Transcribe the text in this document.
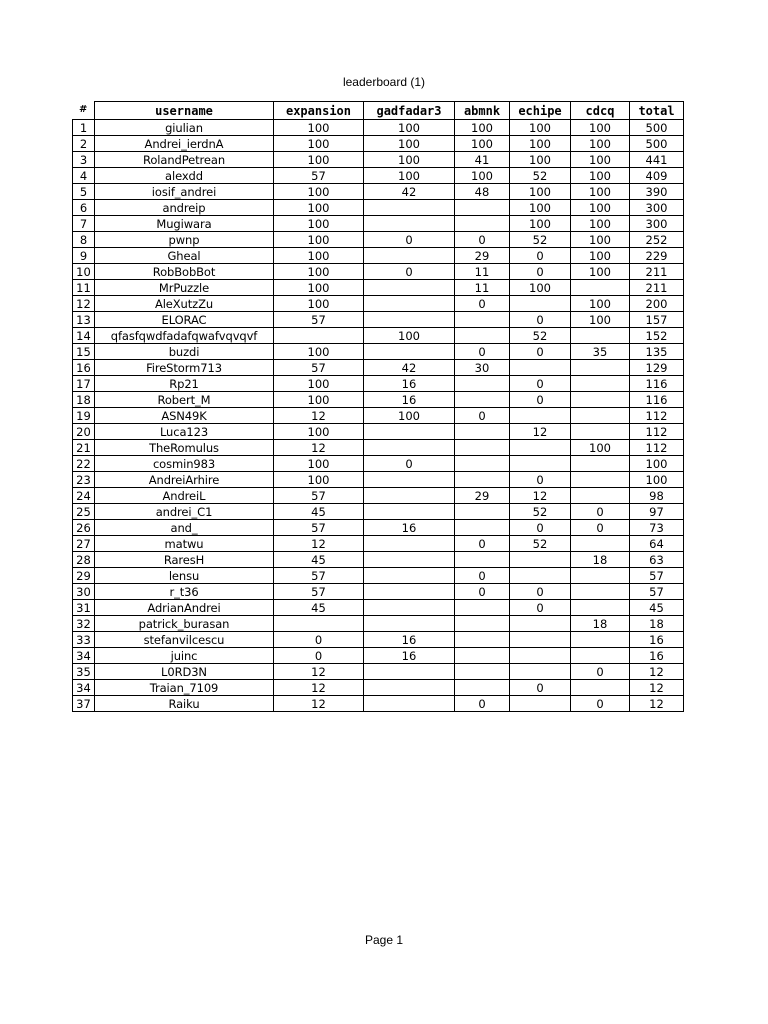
leaderboard (1)
#	username	expansion	gadfadar3	abmnk	echipe	cdcq	total
1	giulian	100	100	100	100	100	500
2	Andrei_ierdnA	100	100	100	100	100	500
3	RolandPetrean	100	100	41	100	100	441
4	alexdd	57	100	100	52	100	409
5	iosif_andrei	100	42	48	100	100	390
6	andreip	100			100	100	300
7	Mugiwara	100			100	100	300
8	pwnp	100	0	0	52	100	252
9	Gheal	100		29	0	100	229
10	RobBobBot	100	0	11	0	100	211
11	MrPuzzle	100		11	100		211
12	AleXutzZu	100		0		100	200
13	ELORAC	57			0	100	157
14	qfasfqwdfadafqwafvqvqvf		100		52		152
15	buzdi	100		0	0	35	135
16	FireStorm713	57	42	30			129
17	Rp21	100	16		0		116
18	Robert_M	100	16		0		116
19	ASN49K	12	100	0			112
20	Luca123	100			12		112
21	TheRomulus	12				100	112
22	cosmin983	100	0				100
23	AndreiArhire	100			0		100
24	AndreiL	57		29	12		98
25	andrei_C1	45			52	0	97
26	and_	57	16		0	0	73
27	matwu	12		0	52		64
28	RaresH	45				18	63
29	lensu	57		0			57
30	r_t36	57		0	0		57
31	AdrianAndrei	45			0		45
32	patrick_burasan					18	18
33	stefanvilcescu	0	16				16
34	juinc	0	16				16
35	L0RD3N	12				0	12
34	Traian_7109	12			0		12
37	Raiku	12		0		0	12
Page 1
